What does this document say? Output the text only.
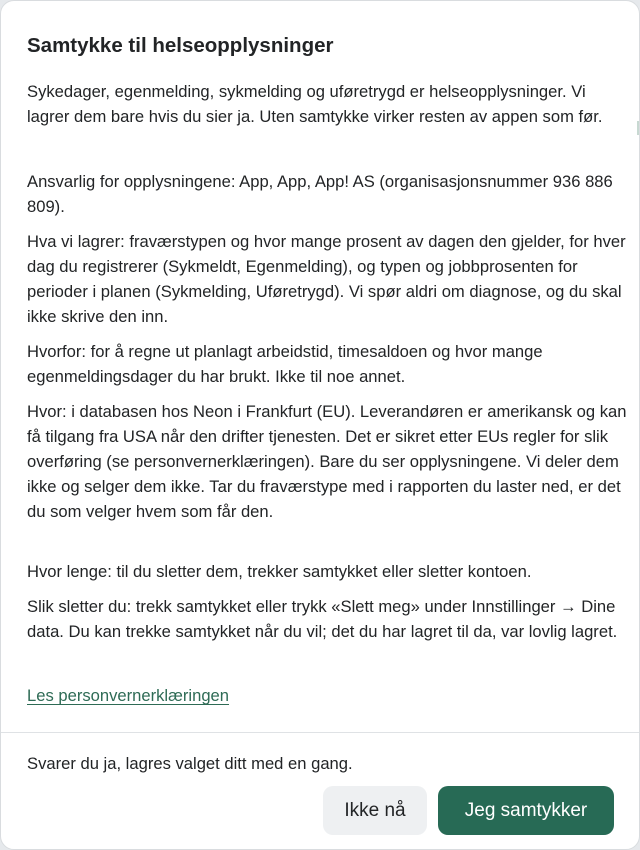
Samtykke til helseopplysninger

Sykedager, egenmelding, sykmelding og uføretrygd er helseopplysninger. Vi lagrer dem bare hvis du sier ja. Uten samtykke virker resten av appen som før.

Ansvarlig for opplysningene: App, App, App! AS (organisasjonsnummer 936 886 809).

Hva vi lagrer: fraværstypen og hvor mange prosent av dagen den gjelder, for hver dag du registrerer (Sykmeldt, Egenmelding), og typen og jobbprosenten for perioder i planen (Sykmelding, Uføretrygd). Vi spør aldri om diagnose, og du skal ikke skrive den inn.

Hvorfor: for å regne ut planlagt arbeidstid, timesaldoen og hvor mange egenmeldingsdager du har brukt. Ikke til noe annet.

Hvor: i databasen hos Neon i Frankfurt (EU). Leverandøren er amerikansk og kan få tilgang fra USA når den drifter tjenesten. Det er sikret etter EUs regler for slik overføring (se personvernerklæringen). Bare du ser opplysningene. Vi deler dem ikke og selger dem ikke. Tar du fraværstype med i rapporten du laster ned, er det du som velger hvem som får den.

Hvor lenge: til du sletter dem, trekker samtykket eller sletter kontoen.

Slik sletter du: trekk samtykket eller trykk «Slett meg» under Innstillinger → Dine data. Du kan trekke samtykket når du vil; det du har lagret til da, var lovlig lagret.

Les personvernerklæringen

Svarer du ja, lagres valget ditt med en gang.

Ikke nå	Jeg samtykker
